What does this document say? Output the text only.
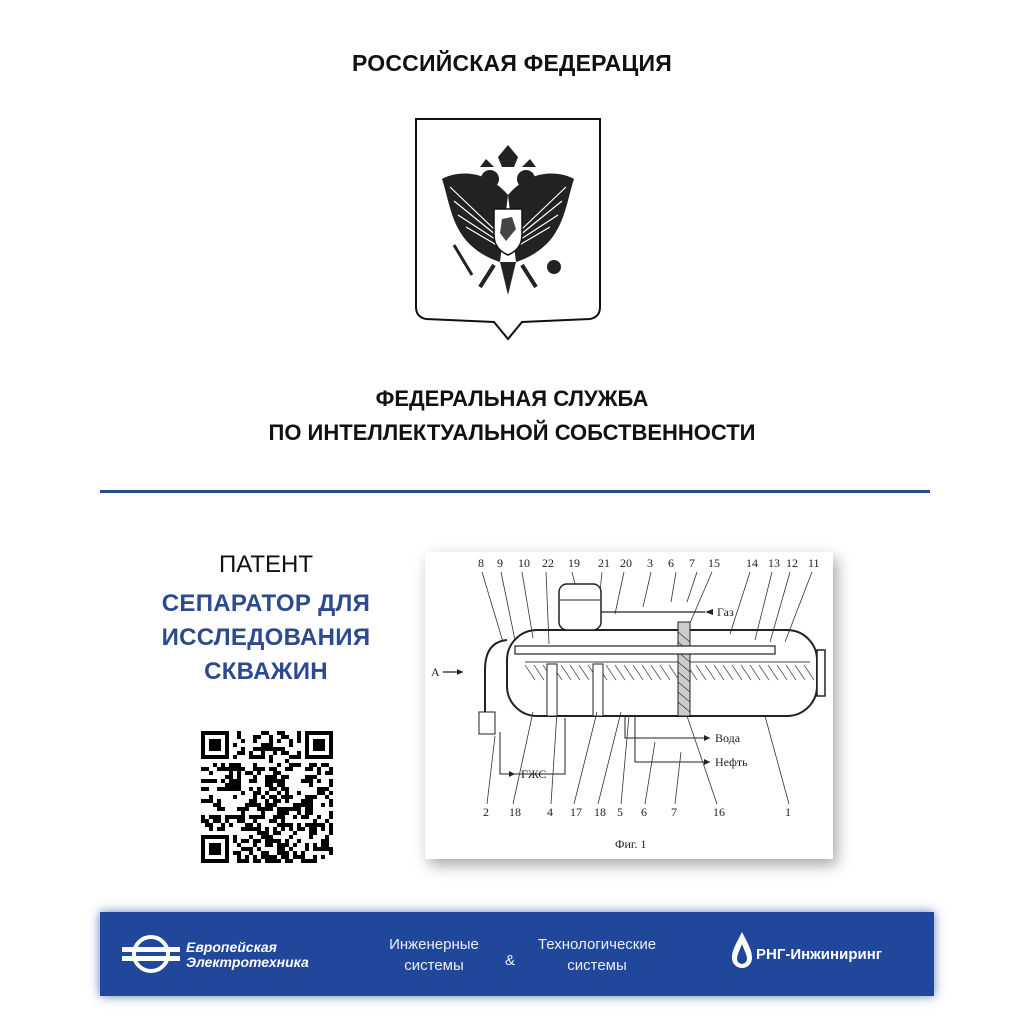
РОССИЙСКАЯ ФЕДЕРАЦИЯ
ФЕДЕРАЛЬНАЯ СЛУЖБА
ПО ИНТЕЛЛЕКТУАЛЬНОЙ СОБСТВЕННОСТИ
ПАТЕНТ
СЕПАРАТОР ДЛЯ
ИССЛЕДОВАНИЯ
СКВАЖИН
8 9 10 22 19 21 20 3 6 7 15 14 13 12 11
Газ
A
ГЖС
Вода
Нефть
2 18 4 17 18 5 6 7	16	1
Фиг. 1
Европейская
Электротехника
Инженерные
системы	&
Технологические
системы
РНГ-Инжиниринг
